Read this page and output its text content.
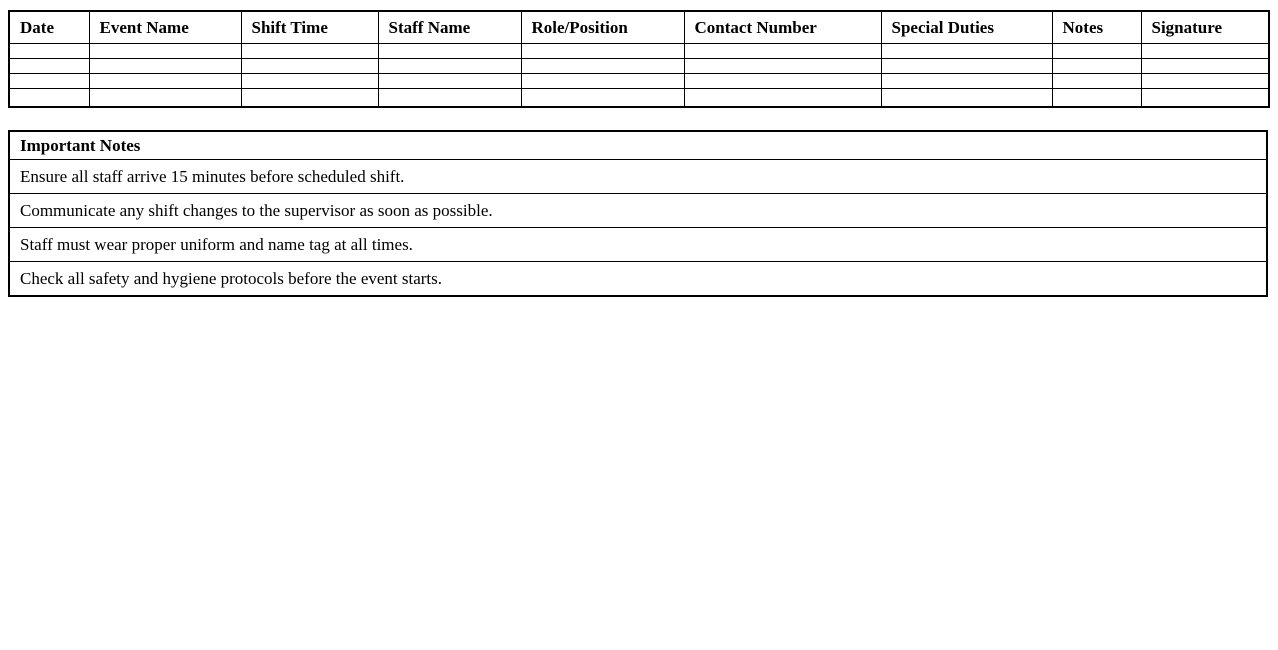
Date	Event Name	Shift Time	Staff Name	Role/Position	Contact Number	Special Duties	Notes	Signature

Important Notes
Ensure all staff arrive 15 minutes before scheduled shift.
Communicate any shift changes to the supervisor as soon as possible.
Staff must wear proper uniform and name tag at all times.
Check all safety and hygiene protocols before the event starts.
